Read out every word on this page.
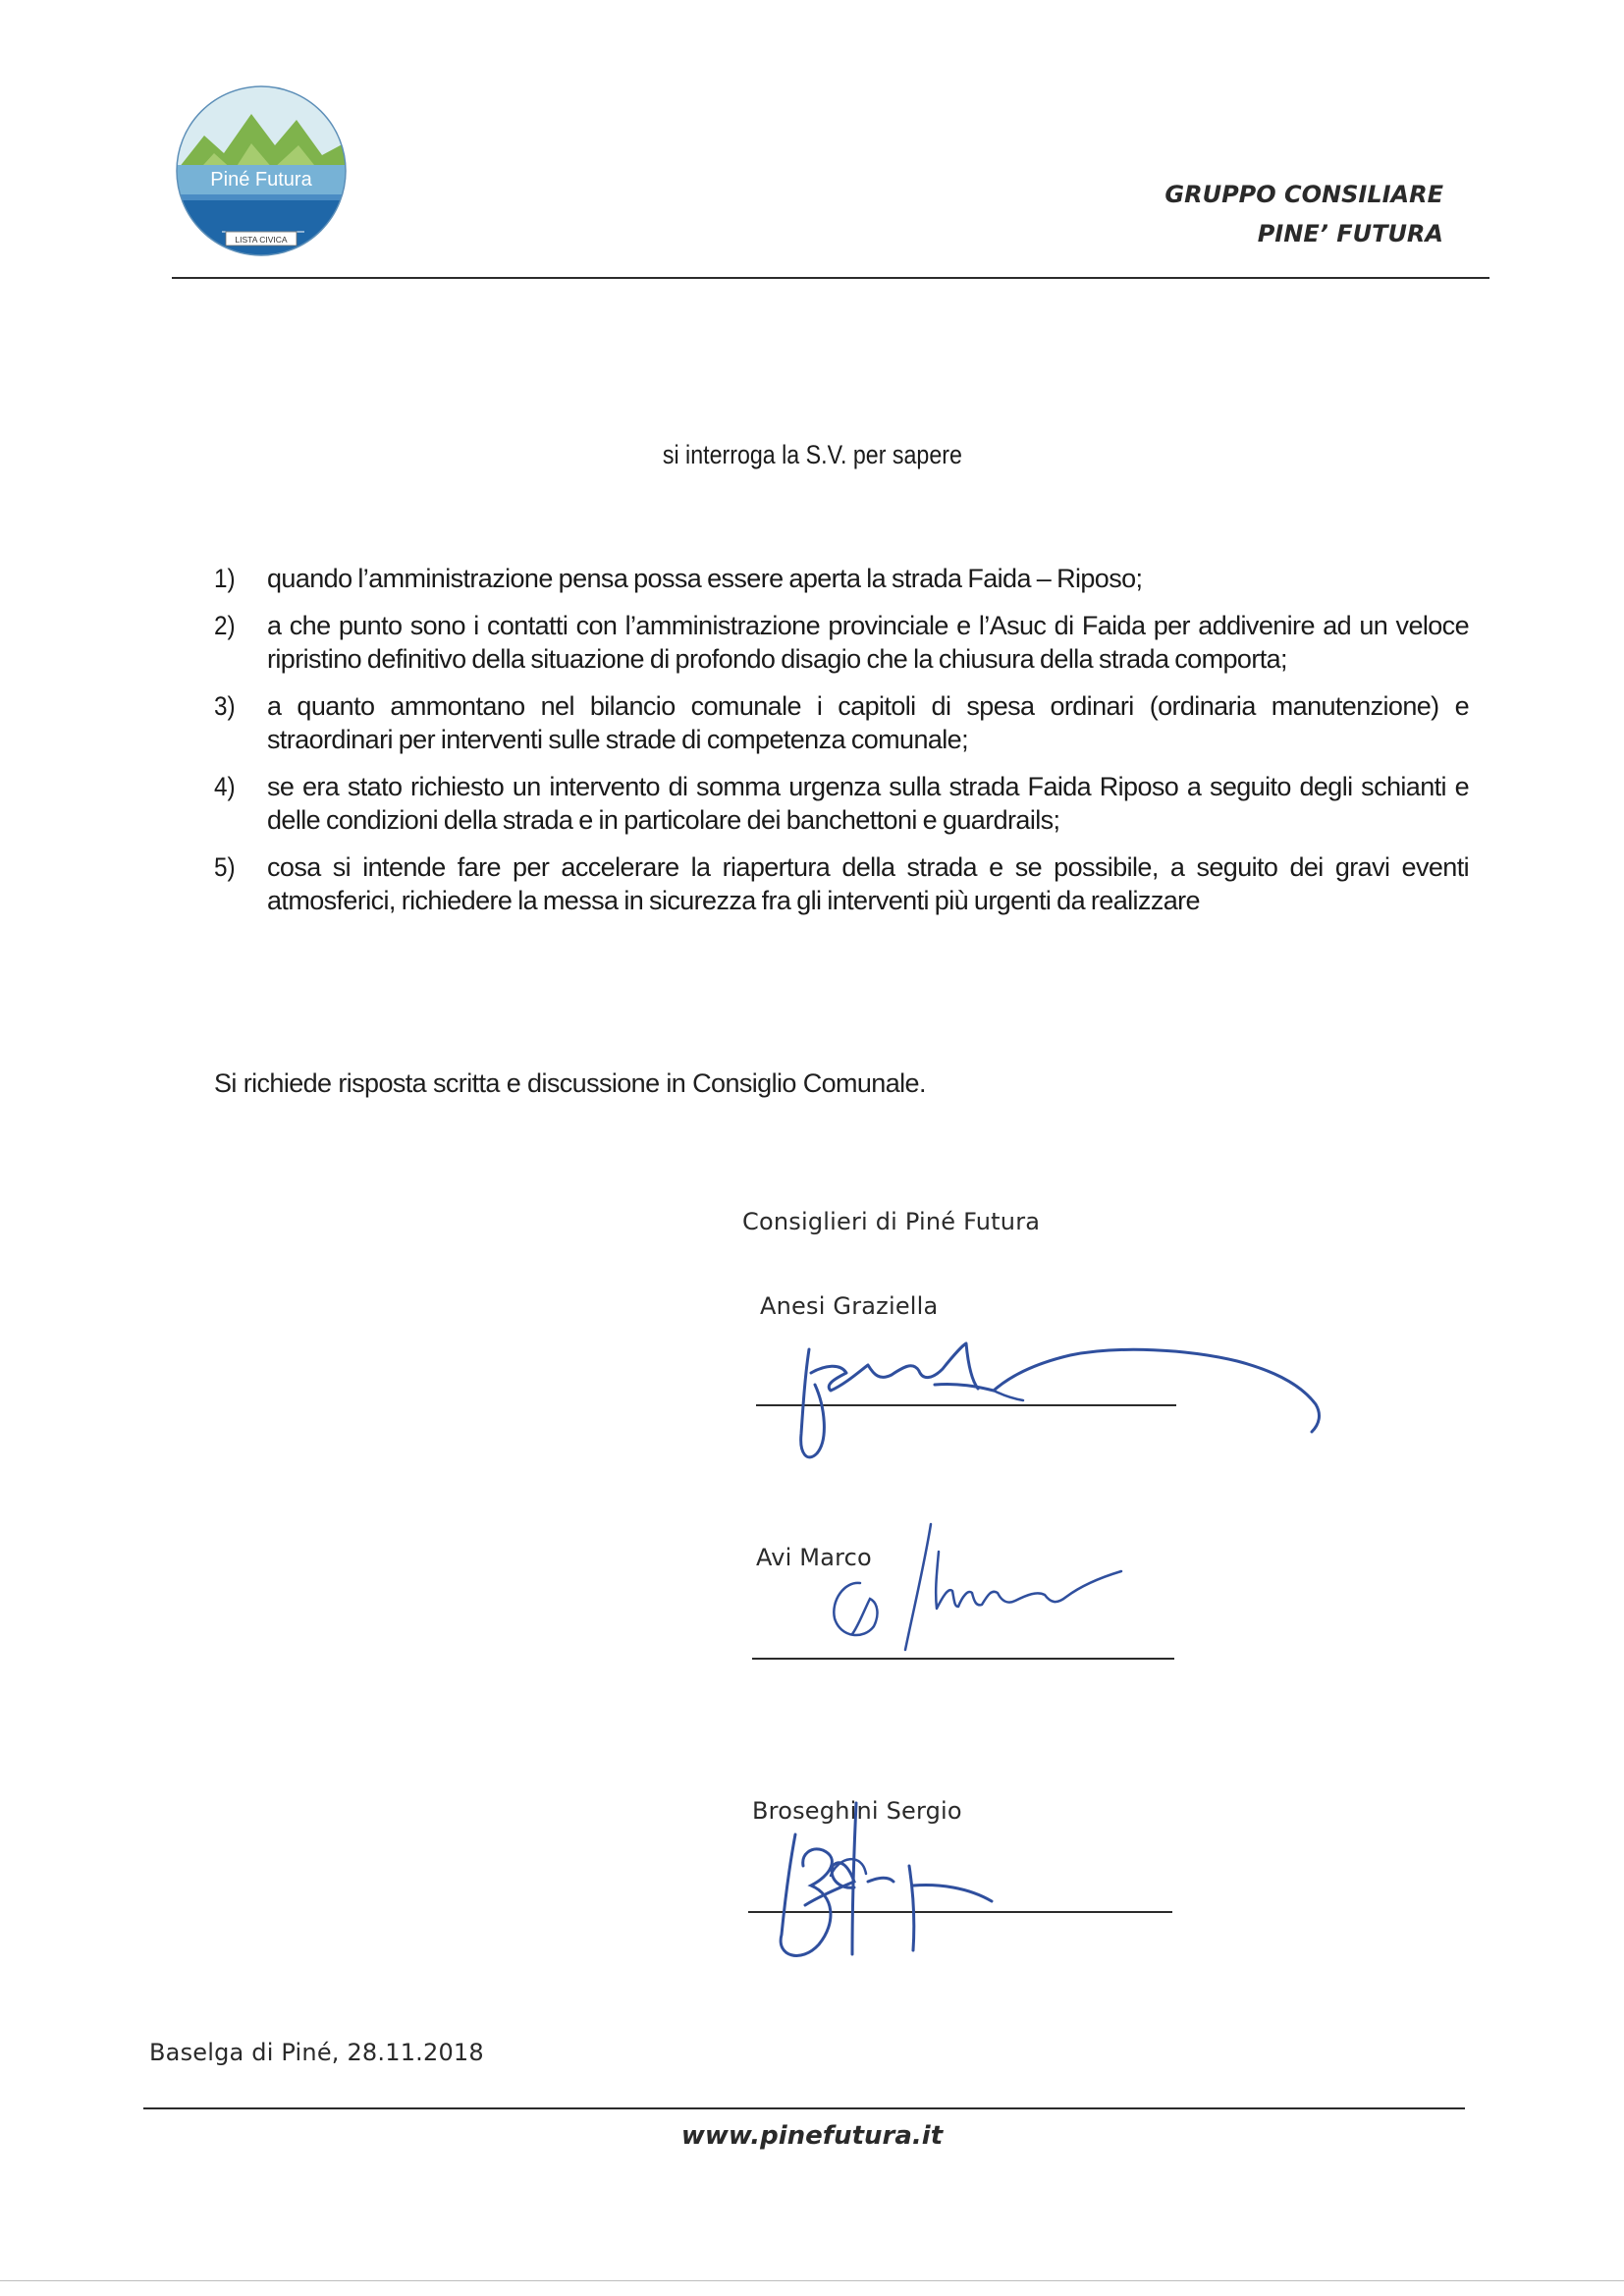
Piné Futura
LISTA CIVICA
GRUPPO CONSILIARE
PINE’ FUTURA
si interroga la S.V. per sapere
1)	quando l’amministrazione pensa possa essere aperta la strada Faida – Riposo;
2)	a che punto sono i contatti con l’amministrazione provinciale e l’Asuc di Faida per addivenire ad un veloce ripristino definitivo della situazione di profondo disagio che la chiusura della strada comporta;
3)	a quanto ammontano nel bilancio comunale i capitoli di spesa ordinari (ordinaria manutenzione) e straordinari per interventi sulle strade di competenza comunale;
4)	se era stato richiesto un intervento di somma urgenza sulla strada Faida Riposo a seguito degli schianti e delle condizioni della strada e in particolare dei banchettoni e guardrails;
5)	cosa si intende fare per accelerare la riapertura della strada e se possibile, a seguito dei gravi eventi atmosferici, richiedere la messa in sicurezza fra gli interventi più urgenti da realizzare
Si richiede risposta scritta e discussione in Consiglio Comunale.
Consiglieri di Piné Futura
Anesi Graziella
Avi Marco
Broseghini Sergio
Baselga di Piné, 28.11.2018
www.pinefutura.it
